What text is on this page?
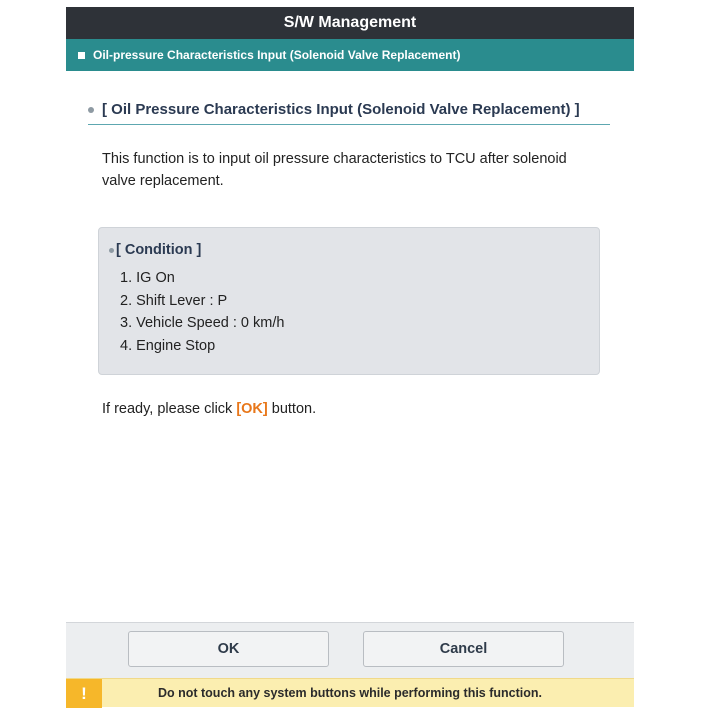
S/W Management
Oil-pressure Characteristics Input (Solenoid Valve Replacement)
[ Oil Pressure Characteristics Input (Solenoid Valve Replacement) ]
This function is to input oil pressure characteristics to TCU after solenoid valve replacement.
[ Condition ]
1. IG On
2. Shift Lever : P
3. Vehicle Speed : 0 km/h
4. Engine Stop
If ready, please click [OK] button.
OK	Cancel
!	Do not touch any system buttons while performing this function.
